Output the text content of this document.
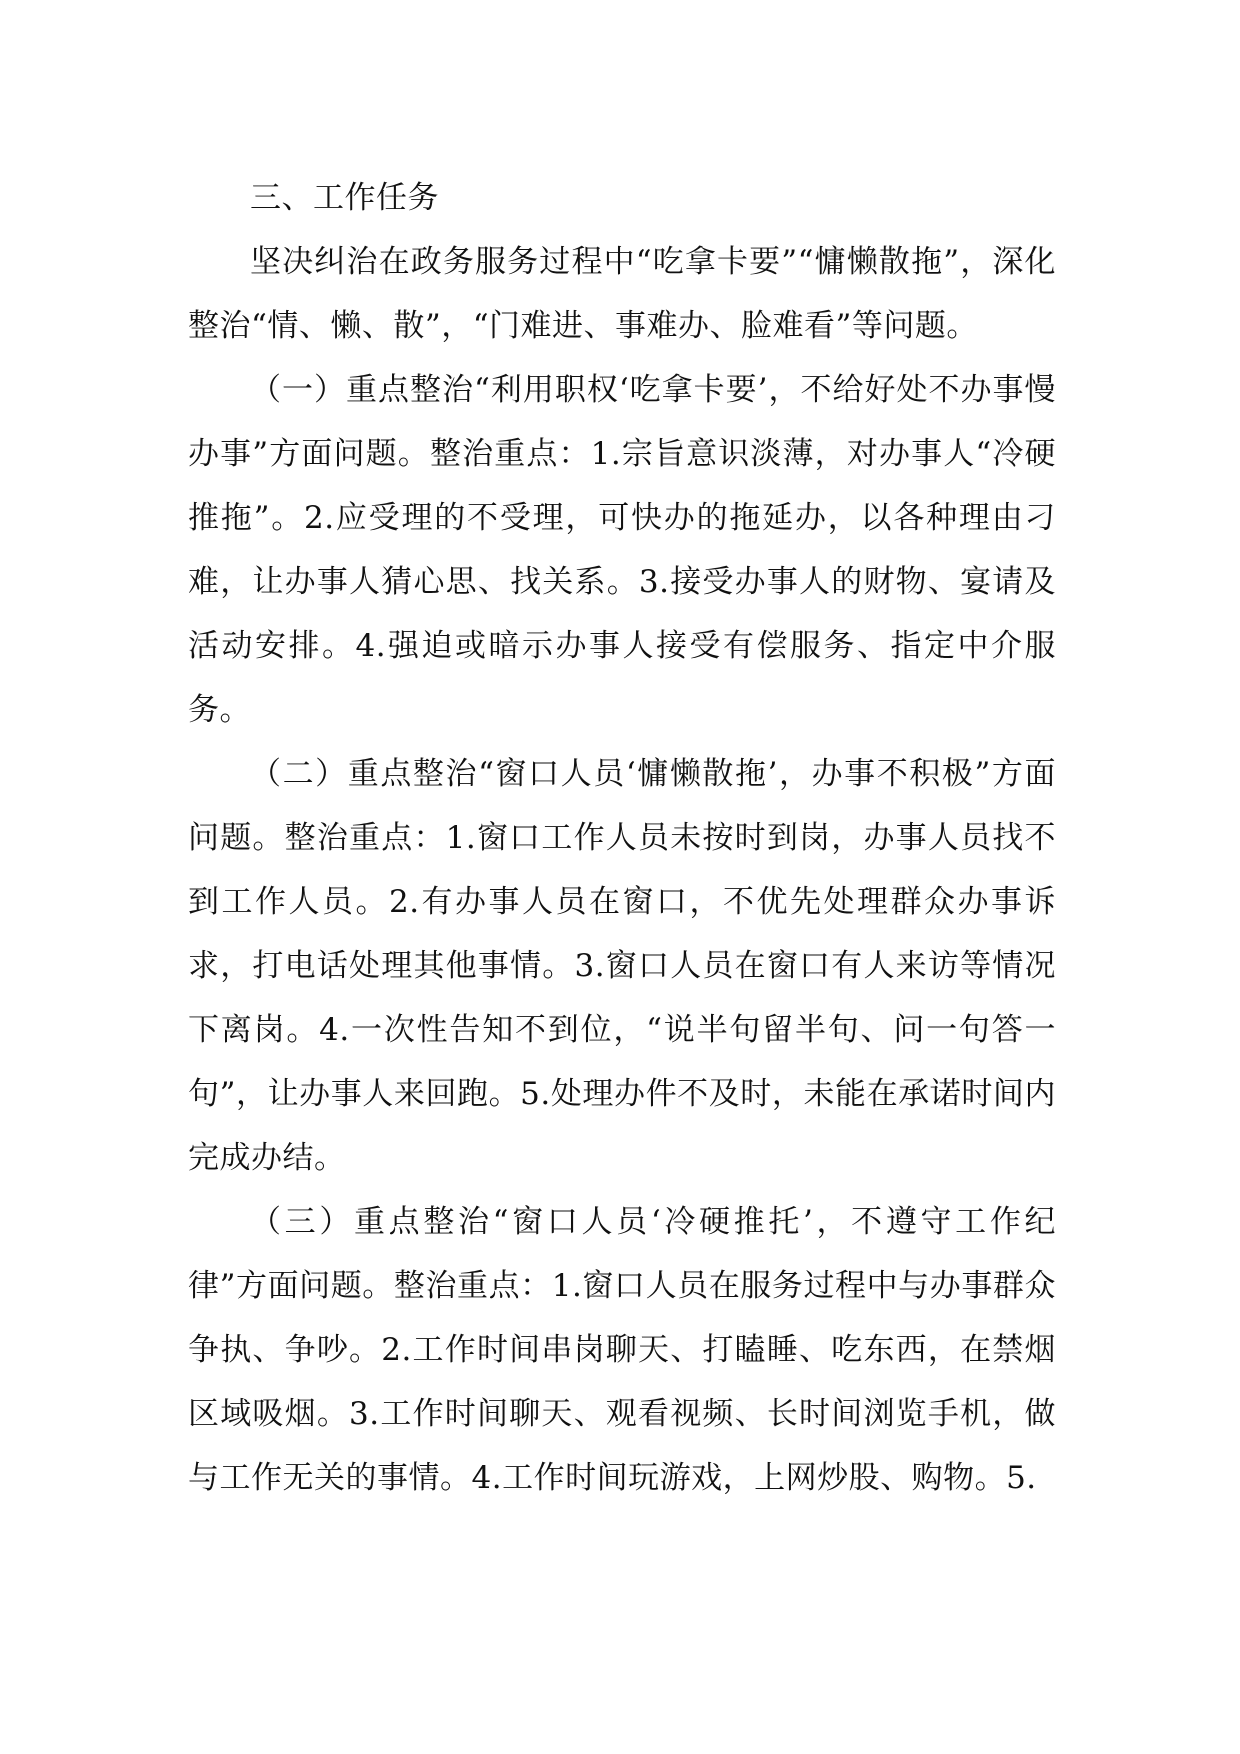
三、工作任务

坚决纠治在政务服务过程中“吃拿卡要”“慵懒散拖”，深化整治“情、懒、散”，“门难进、事难办、脸难看”等问题。

（一）重点整治“利用职权‘吃拿卡要’，不给好处不办事慢办事”方面问题。整治重点：1.宗旨意识淡薄，对办事人“冷硬推拖”。2.应受理的不受理，可快办的拖延办，以各种理由刁难，让办事人猜心思、找关系。3.接受办事人的财物、宴请及活动安排。4.强迫或暗示办事人接受有偿服务、指定中介服务。

（二）重点整治“窗口人员‘慵懒散拖’，办事不积极”方面问题。整治重点：1.窗口工作人员未按时到岗，办事人员找不到工作人员。2.有办事人员在窗口，不优先处理群众办事诉求，打电话处理其他事情。3.窗口人员在窗口有人来访等情况下离岗。4.一次性告知不到位，“说半句留半句、问一句答一句”，让办事人来回跑。5.处理办件不及时，未能在承诺时间内完成办结。

（三）重点整治“窗口人员‘冷硬推托’，不遵守工作纪律”方面问题。整治重点：1.窗口人员在服务过程中与办事群众争执、争吵。2.工作时间串岗聊天、打瞌睡、吃东西，在禁烟区域吸烟。3.工作时间聊天、观看视频、长时间浏览手机，做与工作无关的事情。4.工作时间玩游戏，上网炒股、购物。5.
